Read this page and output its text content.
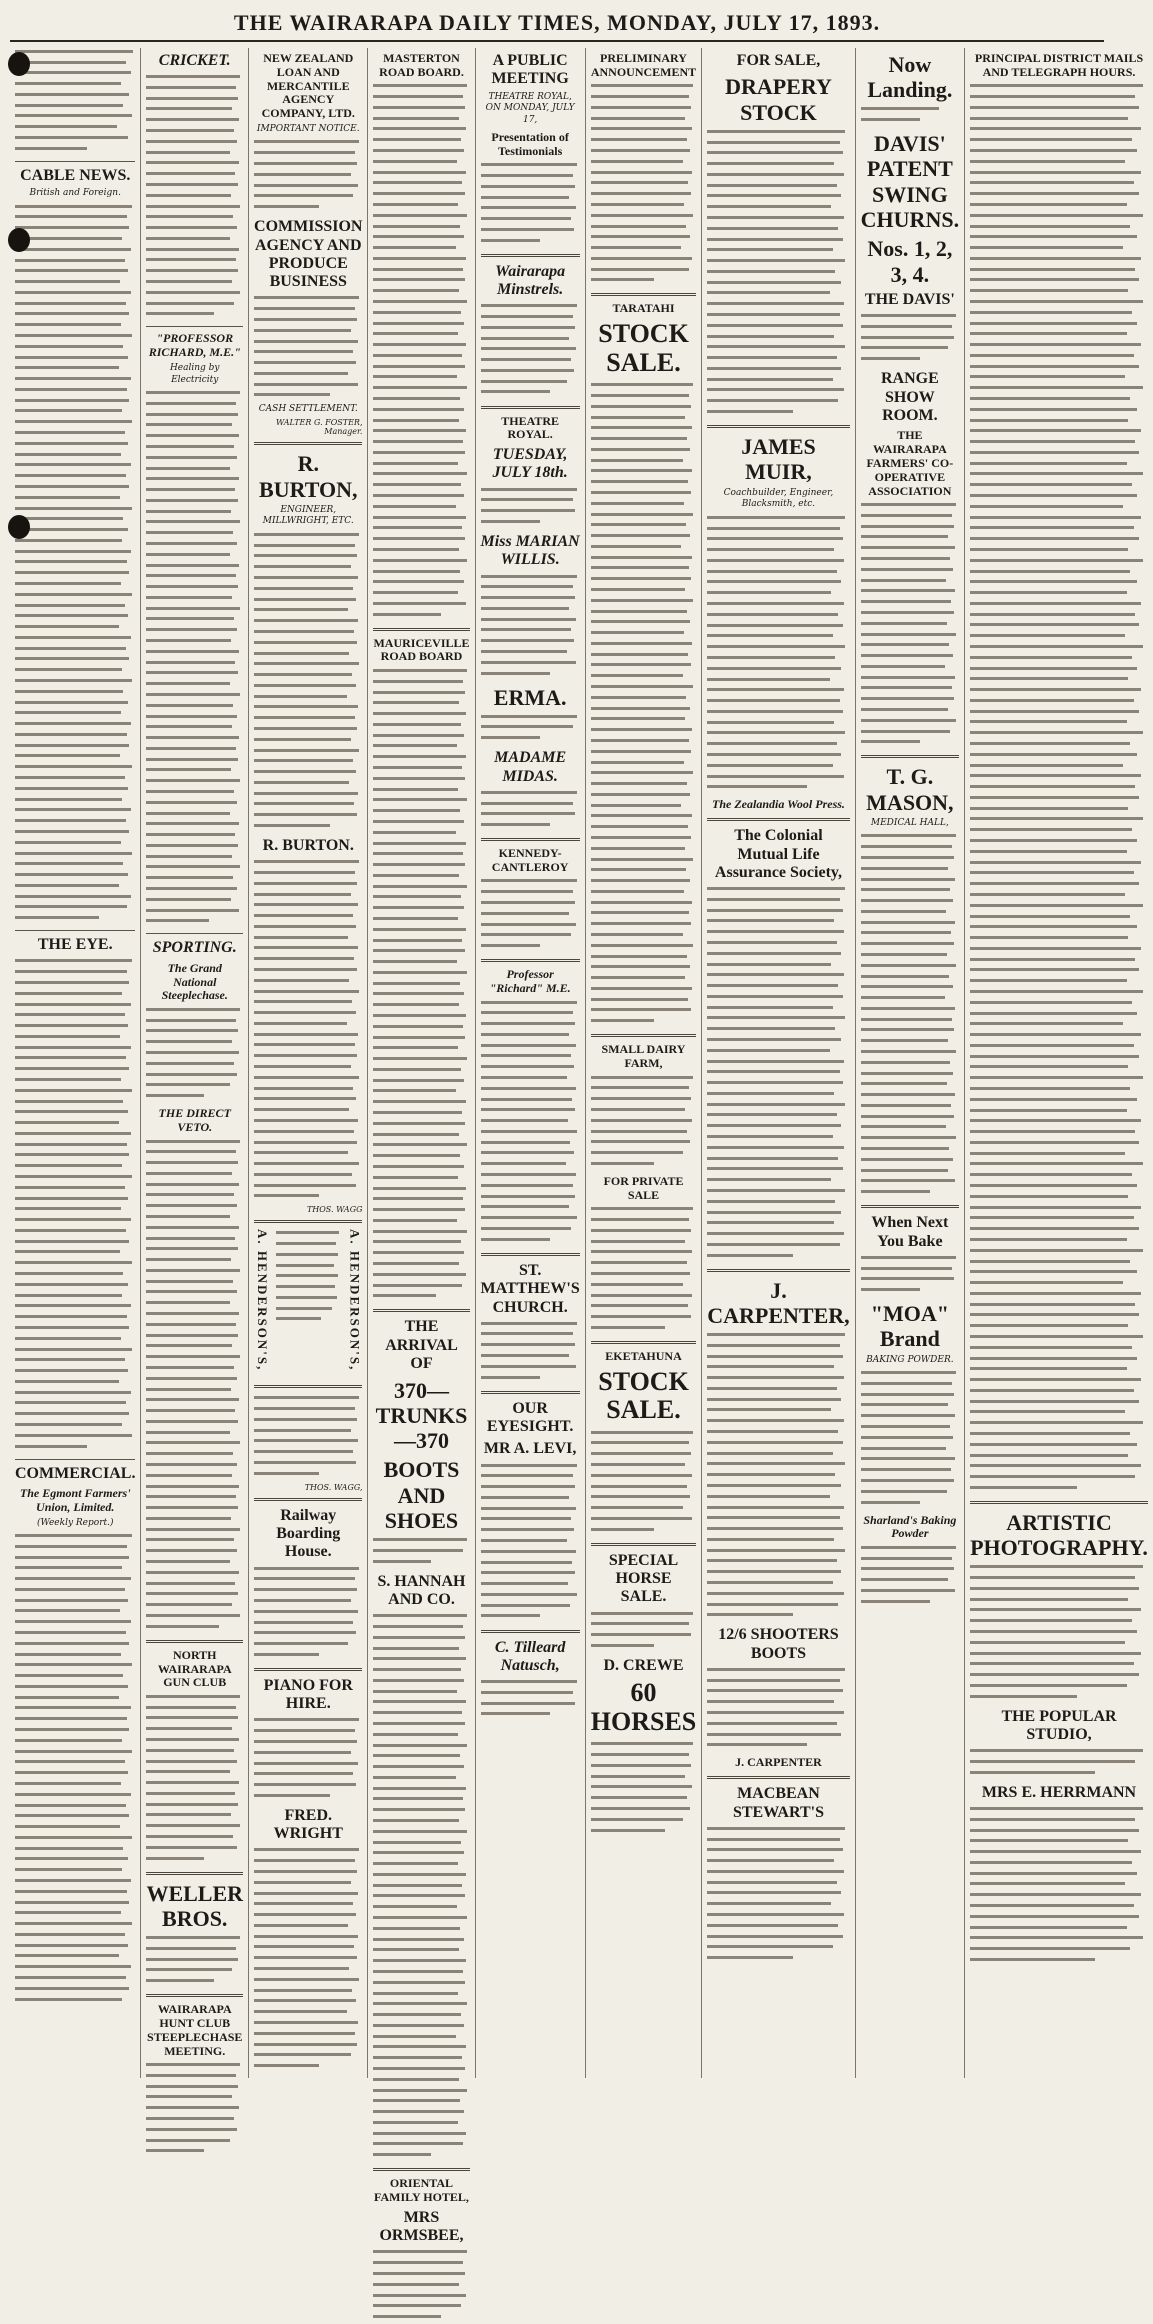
THE WAIRARAPA DAILY TIMES, MONDAY, JULY 17, 1893.
CABLE NEWS.
British and Foreign.
THE EYE.
COMMERCIAL.
The Egmont Farmers' Union, Limited.
(Weekly Report.)
CRICKET.
"PROFESSOR RICHARD, M.E."
Healing by Electricity
SPORTING.
The Grand National Steeplechase.
THE DIRECT VETO.
NORTH WAIRARAPA GUN CLUB
WELLER BROS.
WAIRARAPA HUNT CLUB STEEPLECHASE MEETING.
NEW ZEALAND LOAN AND MERCANTILE AGENCY COMPANY, LTD.
IMPORTANT NOTICE.
COMMISSION AGENCY AND PRODUCE BUSINESS
CASH SETTLEMENT.
WALTER G. FOSTER, Manager.
R. BURTON,
ENGINEER, MILLWRIGHT, ETC.
R. BURTON.
THOS. WAGG
A. HENDERSON'S,	A. HENDERSON'S,
THOS. WAGG,
Railway Boarding House.
PIANO FOR HIRE.
FRED. WRIGHT
MASTERTON ROAD BOARD.
MAURICEVILLE ROAD BOARD
THE ARRIVAL OF
370—TRUNKS—370
BOOTS AND SHOES
S. HANNAH AND CO.
ORIENTAL FAMILY HOTEL,
MRS ORMSBEE,
A PUBLIC MEETING
THEATRE ROYAL, ON MONDAY, JULY 17,
Presentation of Testimonials
Wairarapa Minstrels.
THEATRE ROYAL.
TUESDAY, JULY 18th.
Miss MARIAN WILLIS.
ERMA.
MADAME MIDAS.
KENNEDY-CANTLEROY
Professor "Richard" M.E.
ST. MATTHEW'S CHURCH.
OUR EYESIGHT.
MR A. LEVI,
C. Tilleard Natusch,
PRELIMINARY ANNOUNCEMENT
TARATAHI
STOCK SALE.
SMALL DAIRY FARM,
FOR PRIVATE SALE
EKETAHUNA
STOCK SALE.
SPECIAL HORSE SALE.
D. CREWE
60 HORSES
FOR SALE,
DRAPERY STOCK
JAMES MUIR,
Coachbuilder, Engineer, Blacksmith, etc.
The Zealandia Wool Press.
The Colonial Mutual Life Assurance Society,
J. CARPENTER,
12/6 SHOOTERS BOOTS
J. CARPENTER
MACBEAN STEWART'S
Now Landing.
DAVIS' PATENT SWING CHURNS.
Nos. 1, 2, 3, 4.
THE DAVIS'
RANGE SHOW ROOM.
THE WAIRARAPA FARMERS' CO-OPERATIVE ASSOCIATION
T. G. MASON,
MEDICAL HALL,
When Next You Bake
"MOA" Brand
BAKING POWDER.
Sharland's Baking Powder
PRINCIPAL DISTRICT MAILS AND TELEGRAPH HOURS.
ARTISTIC PHOTOGRAPHY.
THE POPULAR STUDIO,
MRS E. HERRMANN
